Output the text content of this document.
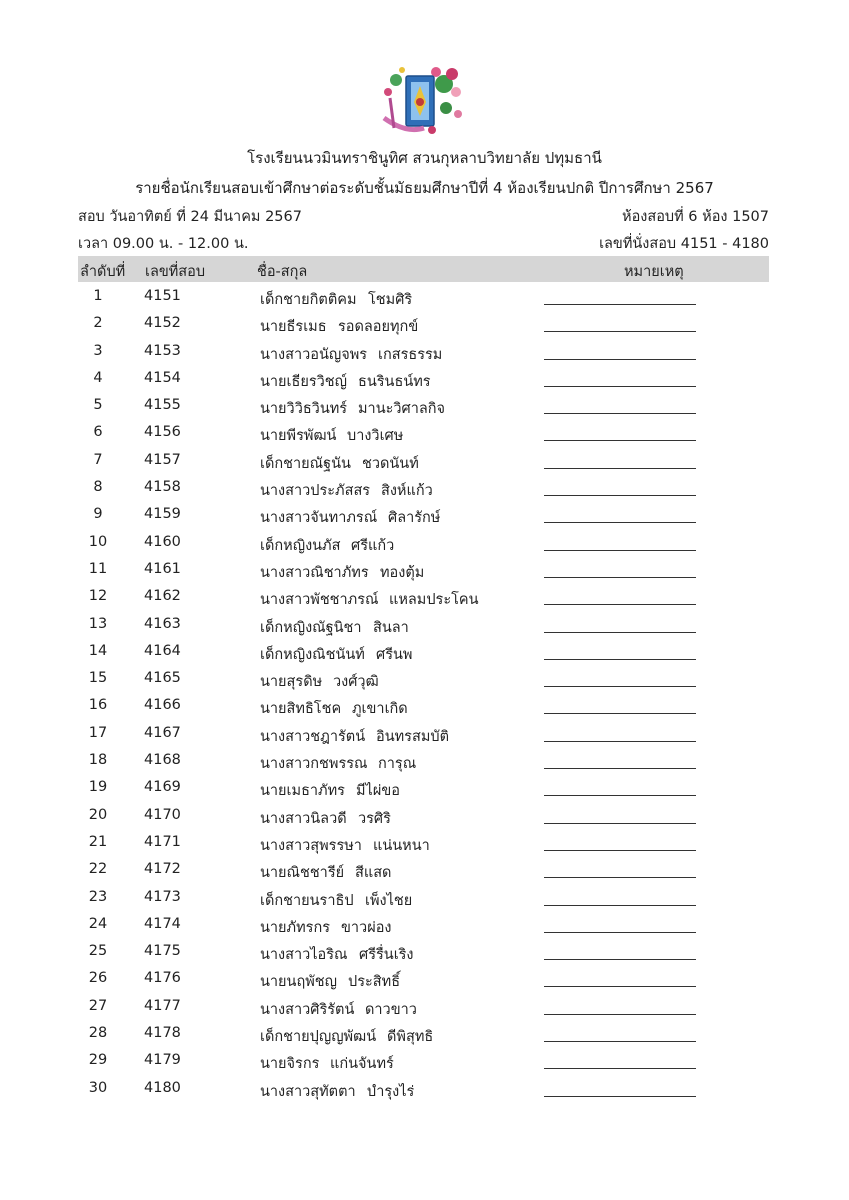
โรงเรียนนวมินทราชินูทิศ สวนกุหลาบวิทยาลัย ปทุมธานี
รายชื่อนักเรียนสอบเข้าศึกษาต่อระดับชั้นมัธยมศึกษาปีที่ 4 ห้องเรียนปกติ ปีการศึกษา 2567
สอบ วันอาทิตย์ ที่ 24 มีนาคม 2567	ห้องสอบที่ 6 ห้อง 1507
เวลา 09.00 น. - 12.00 น.	เลขที่นั่งสอบ 4151 - 4180
ลำดับที่ เลขที่สอบ	ชื่อ-สกุล	หมายเหตุ
1	4151	เด็กชายกิตติคม โชมศิริ
2	4152	นายธีรเมธ รอดลอยทุกข์
3	4153	นางสาวอนัญจพร เกสรธรรม
4	4154	นายเธียรวิชญ์ ธนรินธน์ทร
5	4155	นายวิวิธวินทร์ มานะวิศาลกิจ
6	4156	นายพีรพัฒน์ บางวิเศษ
7	4157	เด็กชายณัฐนัน ชวดนันท์
8	4158	นางสาวประภัสสร สิงห์แก้ว
9	4159	นางสาวจันทาภรณ์ ศิลารักษ์
10	4160	เด็กหญิงนภัส ศรีแก้ว
11	4161	นางสาวณิชาภัทร ทองตุ้ม
12	4162	นางสาวพัชชาภรณ์ แหลมประโคน
13	4163	เด็กหญิงณัฐนิชา สินลา
14	4164	เด็กหญิงณิชนันท์ ศรีนพ
15	4165	นายสุรดิษ วงศ์วุฒิ
16	4166	นายสิทธิโชค ภูเขาเกิด
17	4167	นางสาวชฎารัตน์ อินทรสมบัติ
18	4168	นางสาวกชพรรณ การุณ
19	4169	นายเมธาภัทร มีไผ่ขอ
20	4170	นางสาวนิลวดี วรศิริ
21	4171	นางสาวสุพรรษา แน่นหนา
22	4172	นายณิชชารีย์ สีแสด
23	4173	เด็กชายนราธิป เพ็งไชย
24	4174	นายภัทรกร ขาวผ่อง
25	4175	นางสาวไอริณ ศรีรื่นเริง
26	4176	นายนฤพัชญ ประสิทธิ์
27	4177	นางสาวศิริรัตน์ ดาวขาว
28	4178	เด็กชายปุญญพัฒน์ ดีพิสุทธิ
29	4179	นายจิรกร แก่นจันทร์
30	4180	นางสาวสุทัตตา บำรุงไร่
